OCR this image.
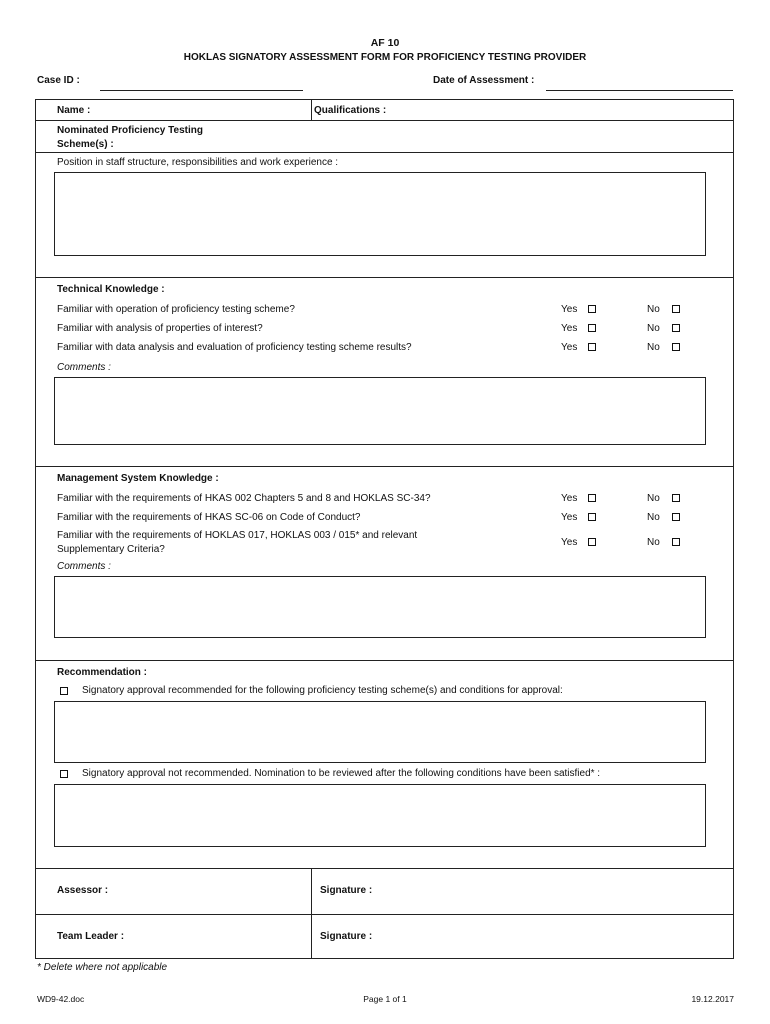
AF 10
HOKLAS SIGNATORY ASSESSMENT FORM FOR PROFICIENCY TESTING PROVIDER
Case ID :	Date of Assessment :
Name :	Qualifications :
Nominated Proficiency Testing
Scheme(s) :
Position in staff structure, responsibilities and work experience :
Technical Knowledge :
Familiar with operation of proficiency testing scheme?	Yes	No
Familiar with analysis of properties of interest?	Yes	No
Familiar with data analysis and evaluation of proficiency testing scheme results?	Yes	No
Comments :
Management System Knowledge :
Familiar with the requirements of HKAS 002 Chapters 5 and 8 and HOKLAS SC-34?	Yes	No
Familiar with the requirements of HKAS SC-06 on Code of Conduct?	Yes	No
Familiar with the requirements of HOKLAS 017, HOKLAS 003 / 015* and relevant
Supplementary Criteria?
Yes	No
Comments :
Recommendation :
Signatory approval recommended for the following proficiency testing scheme(s) and conditions for approval:
Signatory approval not recommended. Nomination to be reviewed after the following conditions have been satisfied* :
Assessor :	Signature :
Team Leader :	Signature :
* Delete where not applicable
WD9-42.doc	Page 1 of 1	19.12.2017
